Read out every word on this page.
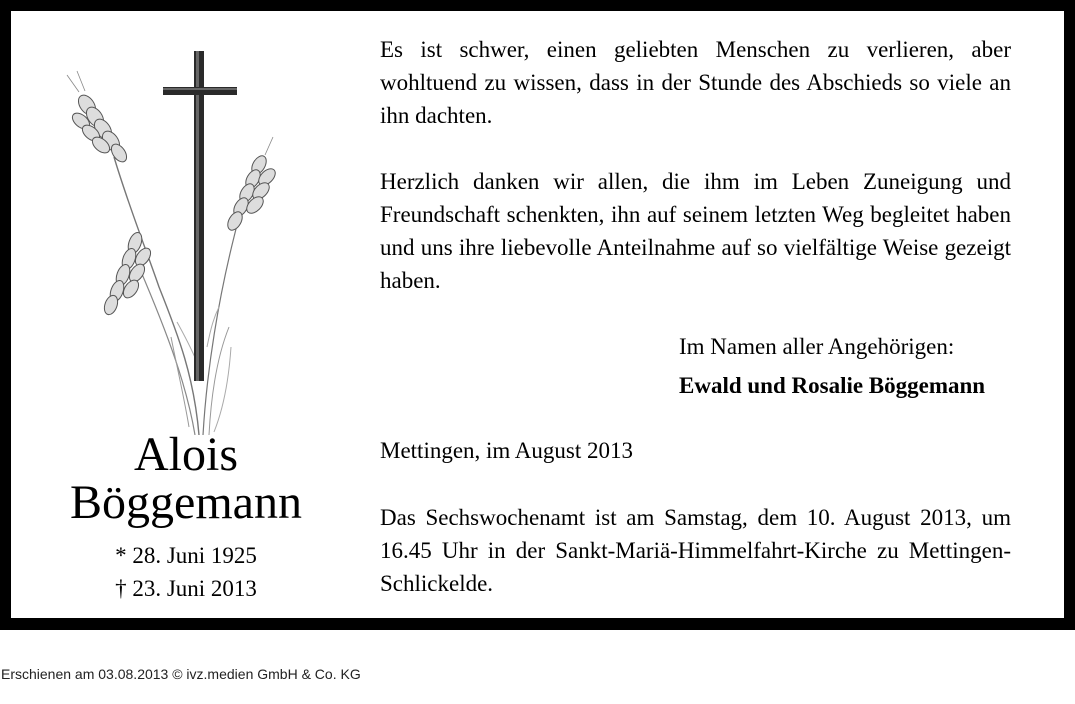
Alois
Böggemann
* 28. Juni 1925
† 23. Juni 2013

Es ist schwer, einen geliebten Menschen zu verlieren, aber wohltuend zu wissen, dass in der Stunde des Abschieds so viele an ihn dachten.

Herzlich danken wir allen, die ihm im Leben Zuneigung und Freundschaft schenkten, ihn auf seinem letzten Weg begleitet haben und uns ihre liebevolle Anteilnahme auf so vielfältige Weise gezeigt haben.

Im Namen aller Angehörigen:
Ewald und Rosalie Böggemann

Mettingen, im August 2013

Das Sechswochenamt ist am Samstag, dem 10. August 2013, um 16.45 Uhr in der Sankt-Mariä-Himmelfahrt-Kirche zu Mettingen-Schlickelde.

Erschienen am 03.08.2013 © ivz.medien GmbH & Co. KG
